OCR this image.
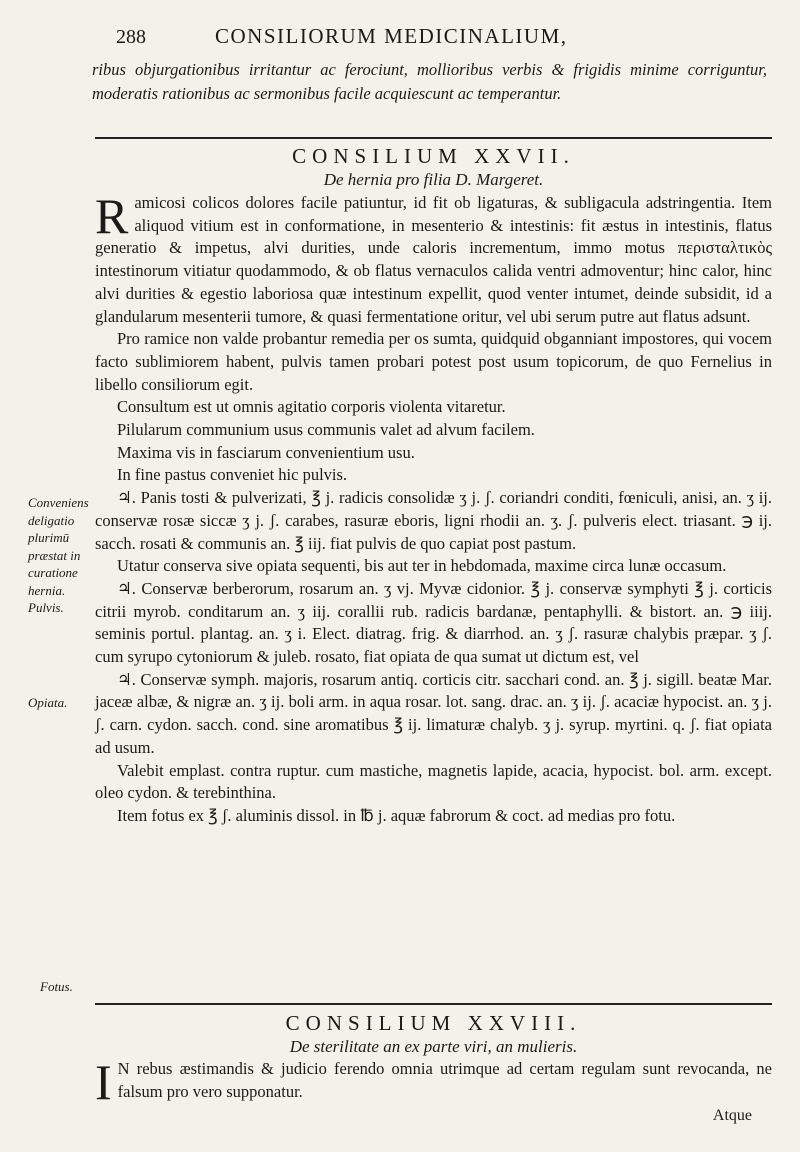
288	CONSILIORUM MEDICINALIUM,
ribus objurgationibus irritantur ac ferociunt, mollioribus verbis & frigidis minime corriguntur, moderatis rationibus ac sermonibus facile acquiescunt ac temperantur.
CONSILIUM XXVII.
De hernia pro filia D. Margeret.

Ramicosi colicos dolores facile patiuntur, id fit ob ligaturas, & subligacula adstringentia. Item aliquod vitium est in conformatione, in mesenterio & intestinis: fit æstus in intestinis, flatus generatio & impetus, alvi durities, unde caloris incrementum, immo motus περισταλτικὸς intestinorum vitiatur quodammodo, & ob flatus vernaculos calida ventri admoventur; hinc calor, hinc alvi durities & egestio laboriosa quæ intestinum expellit, quod venter intumet, deinde subsidit, id a glandularum mesenterii tumore, & quasi fermentatione oritur, vel ubi serum putre aut flatus adsunt.

Pro ramice non valde probantur remedia per os sumta, quidquid obganniant impostores, qui vocem facto sublimiorem habent, pulvis tamen probari potest post usum topicorum, de quo Fernelius in libello consiliorum egit.

Consultum est ut omnis agitatio corporis violenta vitaretur.

Pilularum communium usus communis valet ad alvum facilem.

Maxima vis in fasciarum convenientium usu.

In fine pastus conveniet hic pulvis.

♃. Panis tosti & pulverizati, ℥ j. radicis consolidæ ʒ j. ʃ. coriandri conditi, fœniculi, anisi, an. ʒ ij. conservæ rosæ siccæ ʒ j. ʃ. carabes, rasuræ eboris, ligni rhodii an. ʒ. ʃ. pulveris elect. triasant. ℈ ij. sacch. rosati & communis an. ℥ iij. fiat pulvis de quo capiat post pastum.

Utatur conserva sive opiata sequenti, bis aut ter in hebdomada, maxime circa lunæ occasum.

♃. Conservæ berberorum, rosarum an. ʒ vj. Myvæ cidonior. ℥ j. conservæ symphyti ℥ j. corticis citrii myrob. conditarum an. ʒ iij. corallii rub. radicis bardanæ, pentaphylli. & bistort. an. ℈ iiij. seminis portul. plantag. an. ʒ i. Elect. diatrag. frig. & diarrhod. an. ʒ ʃ. rasuræ chalybis præpar. ʒ ʃ. cum syrupo cytoniorum & juleb. rosato, fiat opiata de qua sumat ut dictum est, vel

♃. Conservæ symph. majoris, rosarum antiq. corticis citr. sacchari cond. an. ℥ j. sigill. beatæ Mar. jaceæ albæ, & nigræ an. ʒ ij. boli arm. in aqua rosar. lot. sang. drac. an. ʒ ij. ʃ. acaciæ hypocist. an. ʒ j. ʃ. carn. cydon. sacch. cond. sine aromatibus ℥ ij. limaturæ chalyb. ʒ j. syrup. myrtini. q. ʃ. fiat opiata ad usum.

Valebit emplast. contra ruptur. cum mastiche, magnetis lapide, acacia, hypocist. bol. arm. except. oleo cydon. & terebinthina.

Item fotus ex ℥ ʃ. aluminis dissol. in ℔ j. aquæ fabrorum & coct. ad medias pro fotu.

Conveniens deligatio plurimū præstat in curatione hernia. Pulvis.
Opiata.
Fotus.
CONSILIUM XXVIII.
De sterilitate an ex parte viri, an mulieris.

I N rebus æstimandis & judicio ferendo omnia utrimque ad certam regulam sunt revocanda, ne falsum pro vero supponatur.

Atque
